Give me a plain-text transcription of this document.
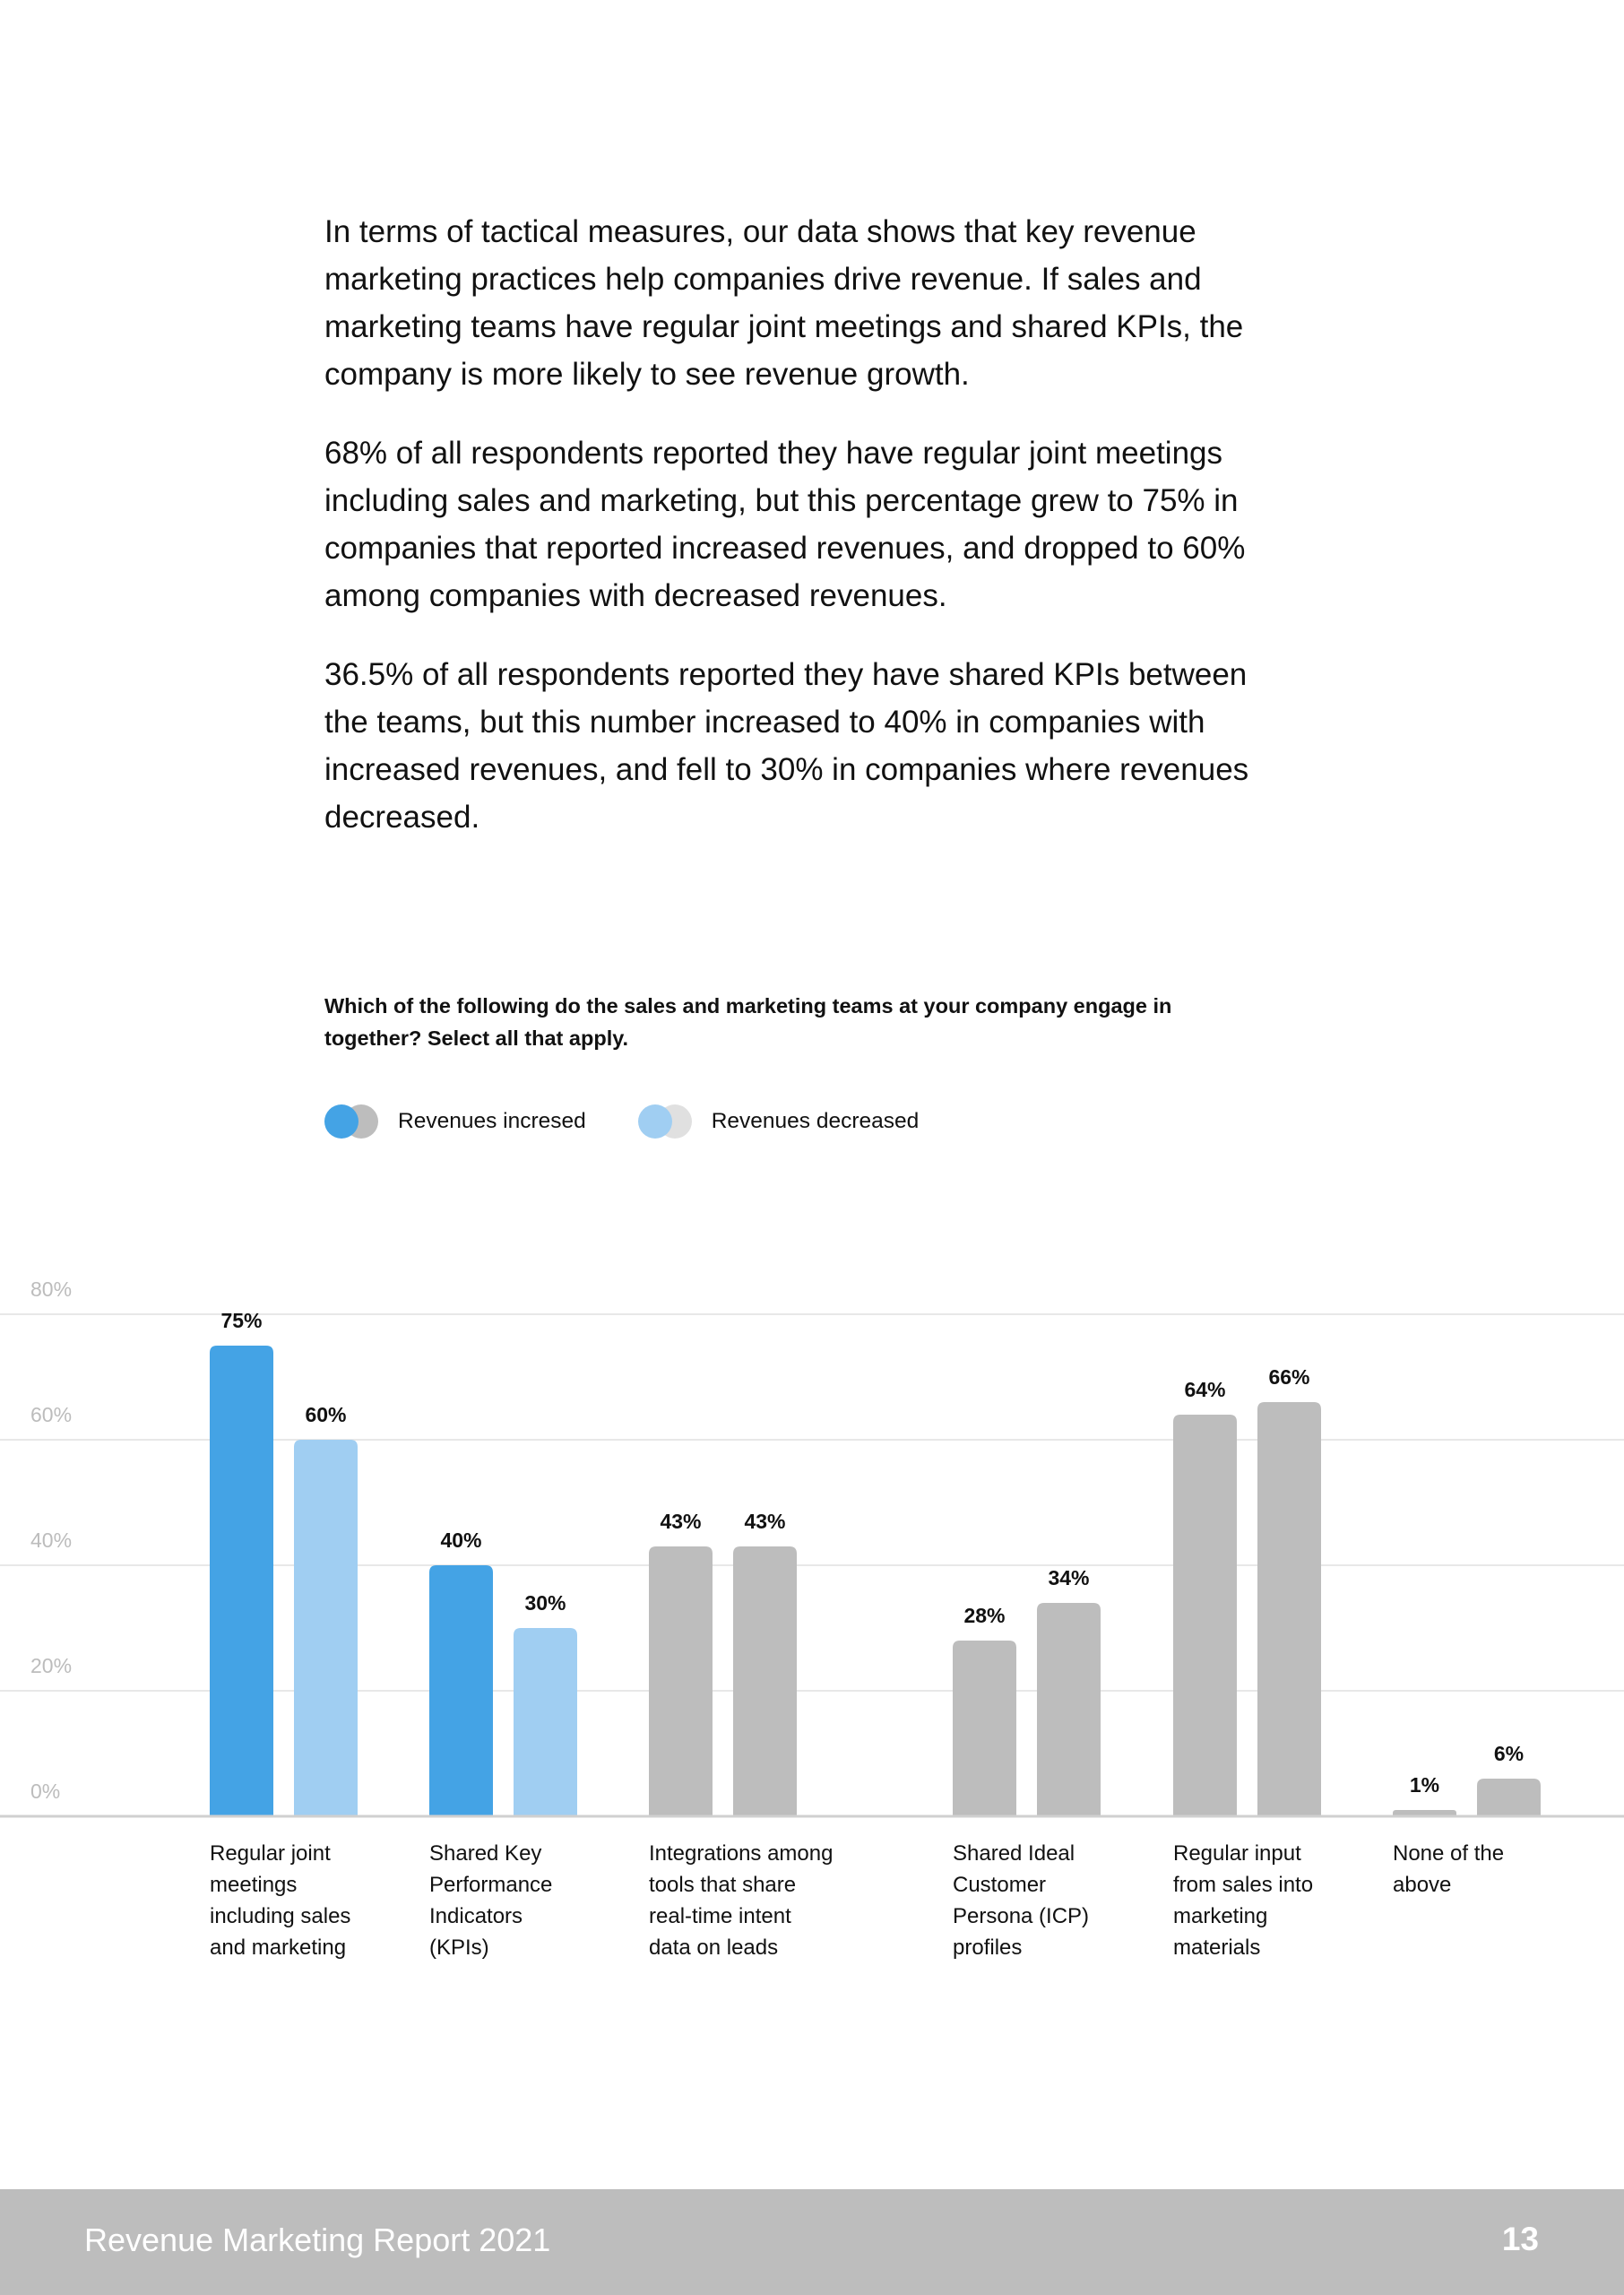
In terms of tactical measures, our data shows that key revenue marketing practices help companies drive revenue. If sales and marketing teams have regular joint meetings and shared KPIs, the company is more likely to see revenue growth.

68% of all respondents reported they have regular joint meetings including sales and marketing, but this percentage grew to 75% in companies that reported increased revenues, and dropped to 60% among companies with decreased revenues.

36.5% of all respondents reported they have shared KPIs between the teams, but this number increased to 40% in companies with increased revenues, and fell to 30% in companies where revenues decreased.

Which of the following do the sales and marketing teams at your company engage in together? Select all that apply.
Revenues incresed	Revenues decreased
0%
20%
40%
60%
80%
75%
40%
43%
28%
64%
1%
60%
30%
43%
34%
66%
6%
Regular joint
meetings
including sales
and marketing
Shared Key
Performance
Indicators
(KPIs)
Integrations among
tools that share
real-time intent
data on leads
Shared Ideal
Customer
Persona (ICP)
profiles
Regular input
from sales into
marketing
materials
None of the
above
Revenue Marketing Report 2021	13
